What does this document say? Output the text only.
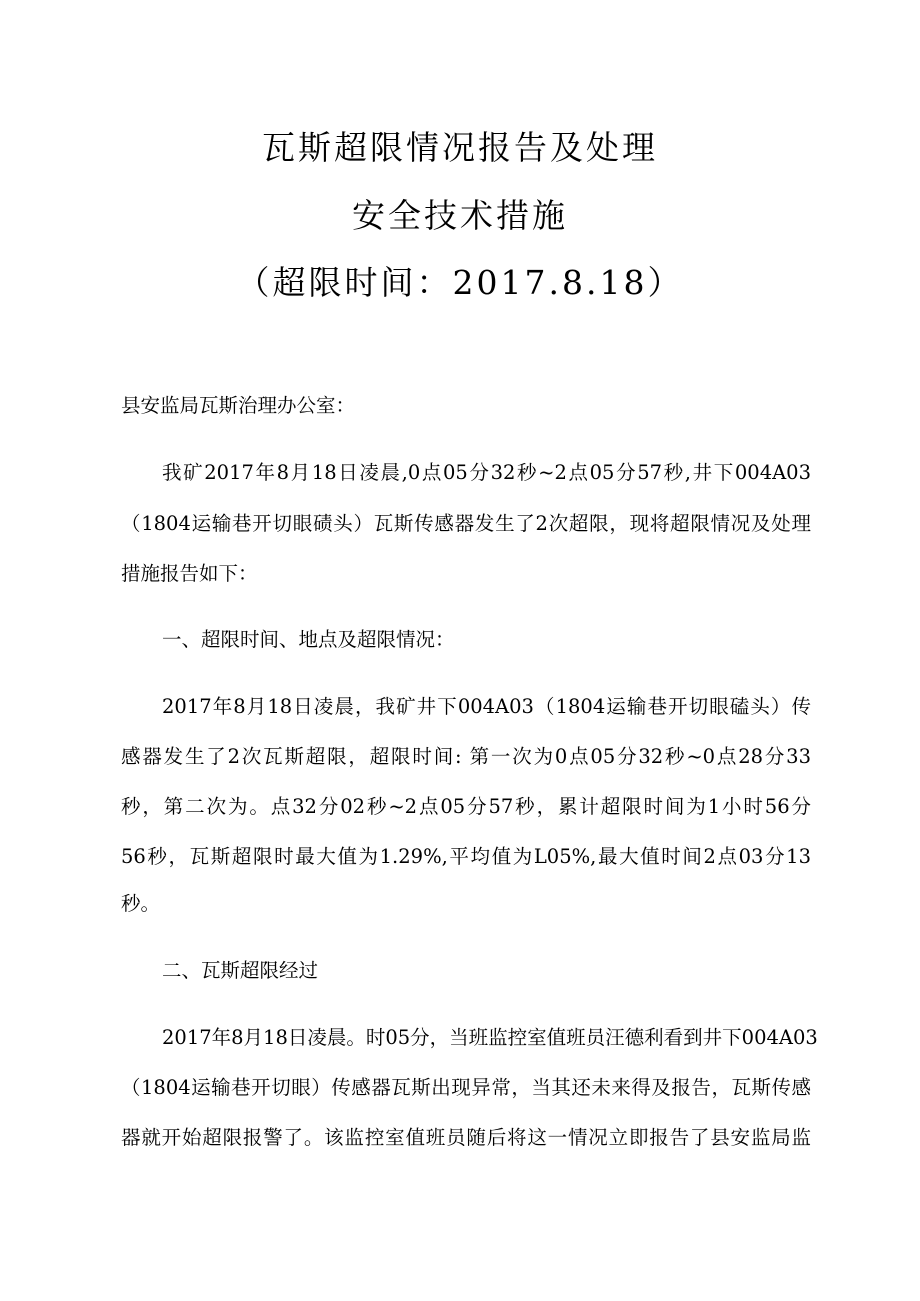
瓦斯超限情况报告及处理
安全技术措施
（超限时间：2017.8.18）
县安监局瓦斯治理办公室：
我矿2017年8月18日凌晨,0点05分32秒~2点05分57秒,井下004A03
（1804运输巷开切眼碛头）瓦斯传感器发生了2次超限，现将超限情况及处理
措施报告如下：
一、超限时间、地点及超限情况：
2017年8月18日凌晨，我矿井下004A03（1804运输巷开切眼磕头）传
感器发生了2次瓦斯超限，超限时间: 第一次为0点05分32秒~0点28分33
秒，第二次为。点32分02秒~2点05分57秒，累计超限时间为1小时56分
56秒，瓦斯超限时最大值为1.29%,平均值为L05%,最大值时间2点03分13
秒。
二、瓦斯超限经过
2017年8月18日凌晨。时05分，当班监控室值班员汪德利看到井下004A03
（1804运输巷开切眼）传感器瓦斯出现异常，当其还未来得及报告，瓦斯传感
器就开始超限报警了。该监控室值班员随后将这一情况立即报告了县安监局监
